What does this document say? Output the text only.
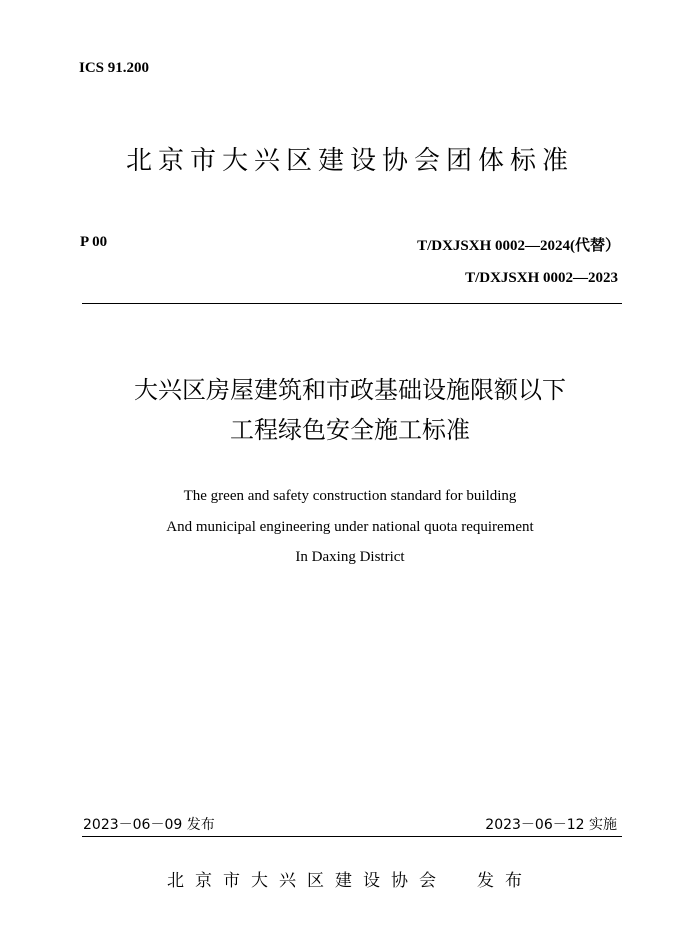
ICS 91.200
北京市大兴区建设协会团体标准
P 00	T/DXJSXH 0002—2024(代替）
T/DXJSXH 0002—2023
大兴区房屋建筑和市政基础设施限额以下
工程绿色安全施工标准
The green and safety construction standard for building
And municipal engineering under national quota requirement
In Daxing District
2023－06－09 发布	2023－06－12 实施
北京市大兴区建设协会 发布
